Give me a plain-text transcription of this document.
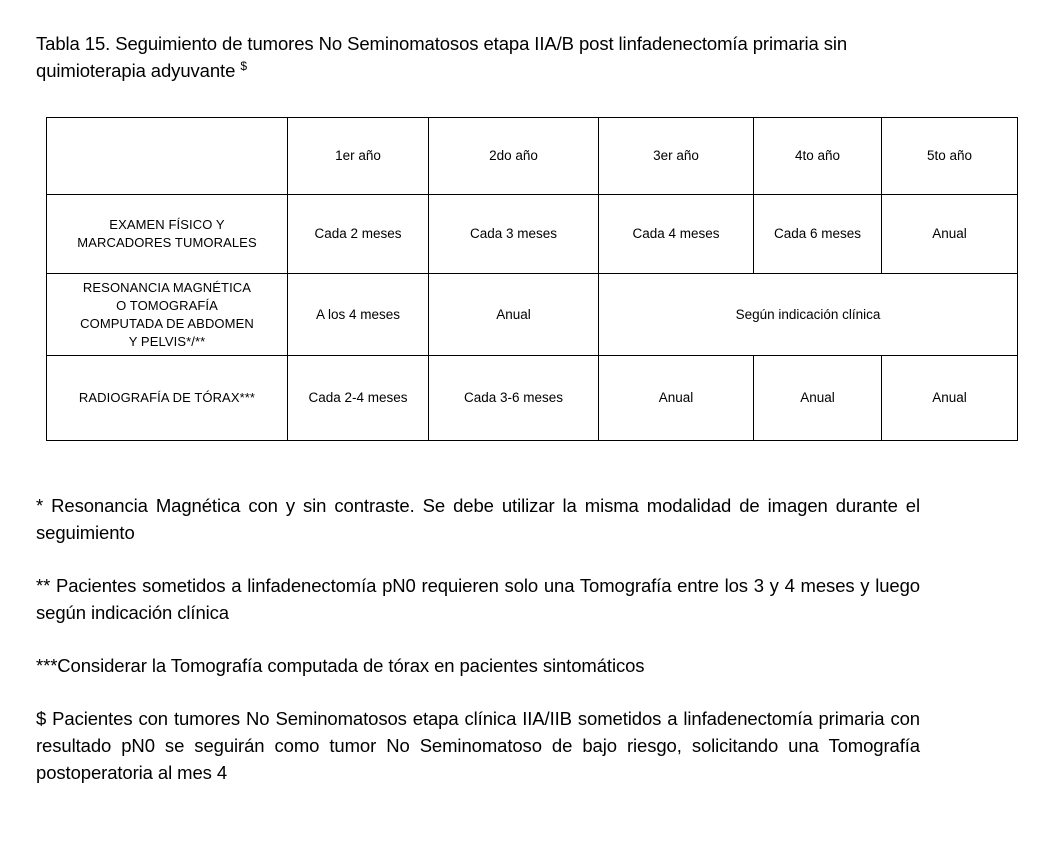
Tabla 15. Seguimiento de tumores No Seminomatosos etapa IIA/B post linfadenectomía primaria sin quimioterapia adyuvante $
	1er año	2do año	3er año	4to año	5to año
EXAMEN FÍSICO Y
MARCADORES TUMORALES	Cada 2 meses	Cada 3 meses	Cada 4 meses	Cada 6 meses	Anual
RESONANCIA MAGNÉTICA
O TOMOGRAFÍA
COMPUTADA DE ABDOMEN
Y PELVIS*/**	A los 4 meses	Anual	Según indicación clínica		
RADIOGRAFÍA DE TÓRAX***	Cada 2-4 meses	Cada 3-6 meses	Anual	Anual	Anual

* Resonancia Magnética con y sin contraste. Se debe utilizar la misma modalidad de imagen durante el seguimiento

** Pacientes sometidos a linfadenectomía pN0 requieren solo una Tomografía entre los 3 y 4 meses y luego según indicación clínica

***Considerar la Tomografía computada de tórax en pacientes sintomáticos

$ Pacientes con tumores No Seminomatosos etapa clínica IIA/IIB sometidos a linfadenectomía primaria con resultado pN0 se seguirán como tumor No Seminomatoso de bajo riesgo, solicitando una Tomografía postoperatoria al mes 4
